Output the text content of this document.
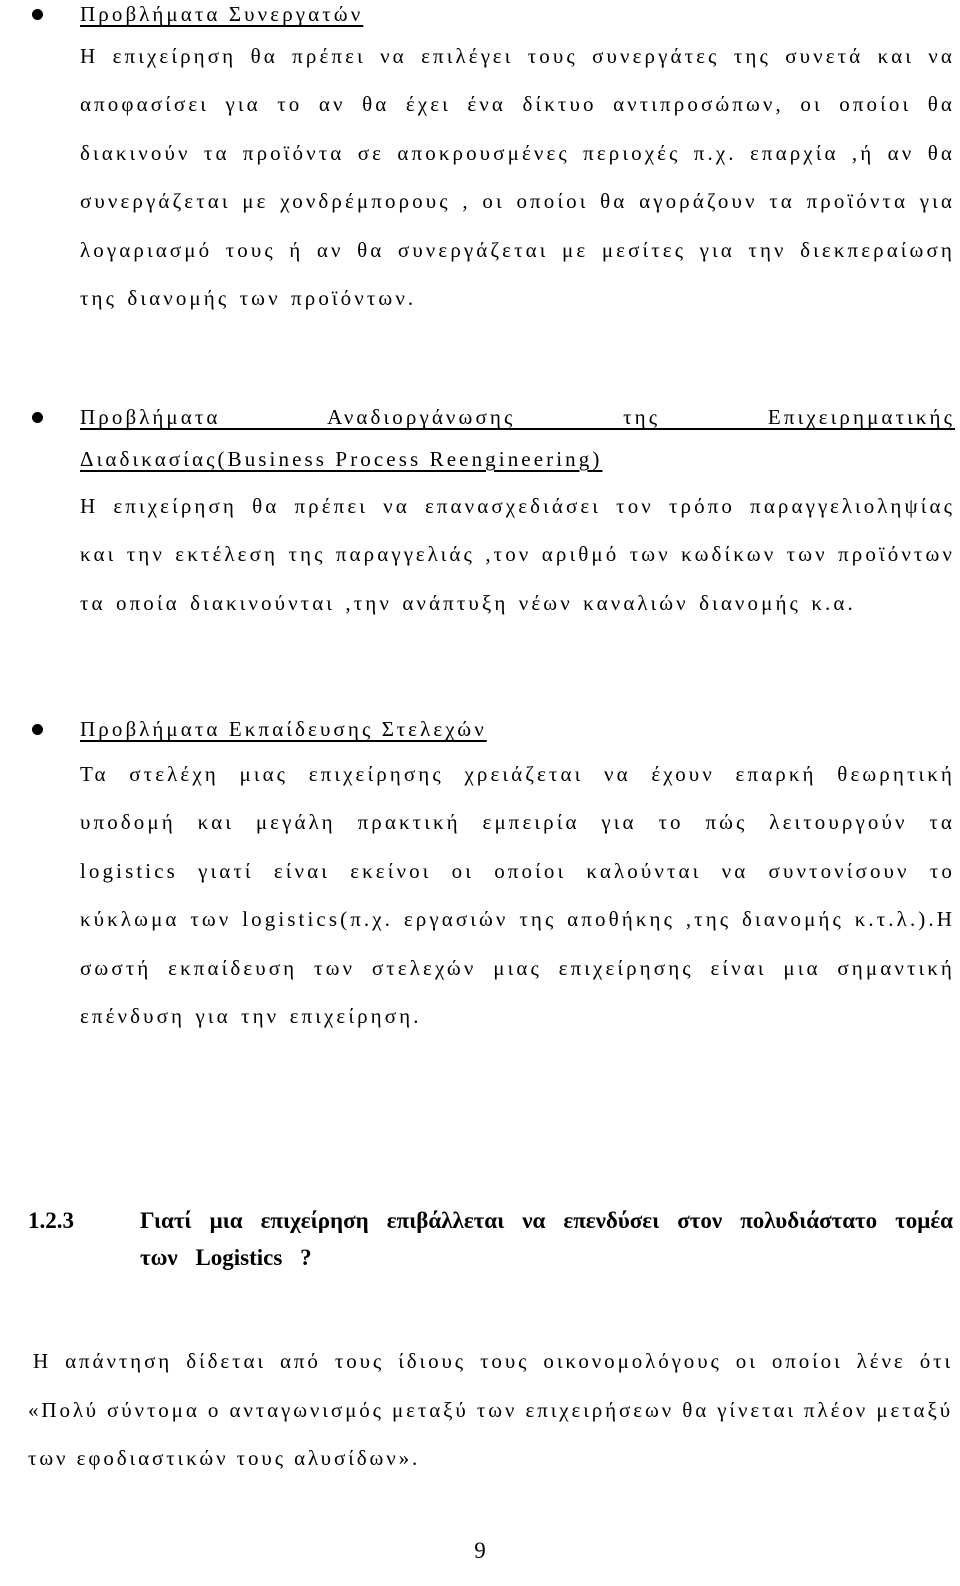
Προβλήματα Συνεργατών
Η επιχείρηση θα πρέπει να επιλέγει τους συνεργάτες της συνετά και να αποφασίσει για το αν θα έχει ένα δίκτυο αντιπροσώπων, οι οποίοι θα διακινούν τα προϊόντα σε αποκρουσμένες περιοχές π.χ. επαρχία ,ή αν θα συνεργάζεται με χονδρέμπορους , οι οποίοι θα αγοράζουν τα προϊόντα για λογαριασμό τους ή αν θα συνεργάζεται με μεσίτες για την διεκπεραίωση της διανομής των προϊόντων.
Προβλήματα Αναδιοργάνωσης της Επιχειρηματικής
Διαδικασίας(Business Process Reengineering)
Η επιχείρηση θα πρέπει να επανασχεδιάσει τον τρόπο παραγγελιοληψίας και την εκτέλεση της παραγγελιάς ,τον αριθμό των κωδίκων των προϊόντων τα οποία διακινούνται ,την ανάπτυξη νέων καναλιών διανομής κ.α.
Προβλήματα Εκπαίδευσης Στελεχών
Τα στελέχη μιας επιχείρησης χρειάζεται να έχουν επαρκή θεωρητική υποδομή και μεγάλη πρακτική εμπειρία για το πώς λειτουργούν τα logistics γιατί είναι εκείνοι οι οποίοι καλούνται να συντονίσουν το κύκλωμα των logistics(π.χ. εργασιών της αποθήκης ,της διανομής κ.τ.λ.).Η σωστή εκπαίδευση των στελεχών μιας επιχείρησης είναι μια σημαντική επένδυση για την επιχείρηση.
1.2.3	Γιατί μια επιχείρηση επιβάλλεται να επενδύσει στον πολυδιάστατο τομέα των Logistics ?
Η απάντηση δίδεται από τους ίδιους τους οικονομολόγους οι οποίοι λένε ότι «Πολύ σύντομα ο ανταγωνισμός μεταξύ των επιχειρήσεων θα γίνεται πλέον μεταξύ των εφοδιαστικών τους αλυσίδων».
9
